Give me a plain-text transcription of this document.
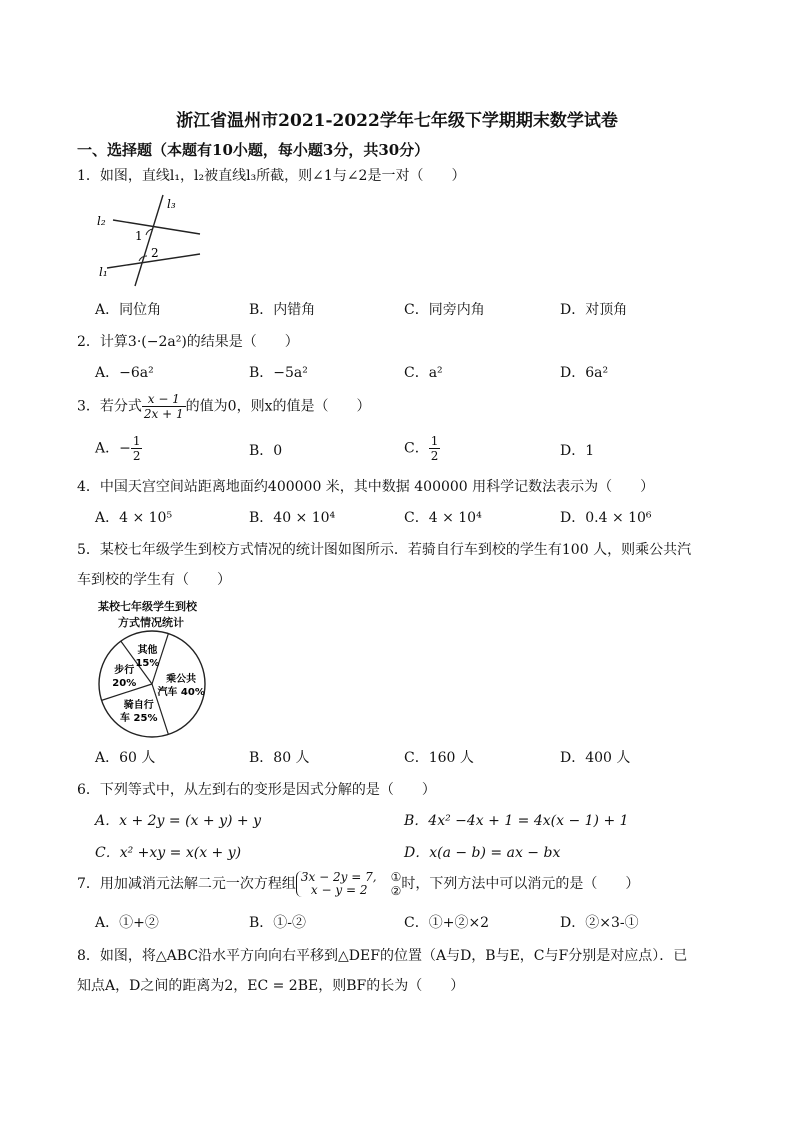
浙江省温州市2021-2022学年七年级下学期期末数学试卷
一、选择题（本题有10小题，每小题3分，共30分）
1．如图，直线l₁，l₂被直线l₃所截，则∠1与∠2是一对（　　）
l₃
l₂
l₁
1
2
A．同位角	B．内错角	C．同旁内角	D．对顶角
2．计算3·(−2a²)的结果是（　　）
A．−6a²	B．−5a²	C．a²	D．6a²
3．若分式 $\frac{x - 1}{2x + 1}$ 的值为0，则x的值是（　　）
A．− $\frac{1}{2}$	B．0	C． $\frac{1}{2}$	D．1
4．中国天宫空间站距离地面约400000 米，其中数据 400000 用科学记数法表示为（　　）
A．4 × 10⁵	B．40 × 10⁴	C．4 × 10⁴	D．0.4 × 10⁶
5．某校七年级学生到校方式情况的统计图如图所示．若骑自行车到校的学生有100 人，则乘公共汽
车到校的学生有（　　）
某校七年级学生到校
方式情况统计
乘公共
汽车 40%
骑自行
车 25%
步行
20%
其他
15%
A．60 人	B．80 人	C．160 人	D．400 人
6．下列等式中，从左到右的变形是因式分解的是（　　）
A．x + 2y = (x + y) + y	B．4x² −4x + 1 = 4x(x − 1) + 1
C．x² +xy = x(x + y)	D．x(a − b) = ax − bx
7．用加减消元法解二元一次方程组 3x − 2y = 7,
x − y = 2
①
② 时，下列方法中可以消元的是（　　）
A．①+②	B．①-②	C．①+②×2	D．②×3-①
8．如图，将△ABC沿水平方向向右平移到△DEF的位置（A与D，B与E，C与F分别是对应点）．已
知点A，D之间的距离为2，EC = 2BE，则BF的长为（　　）
